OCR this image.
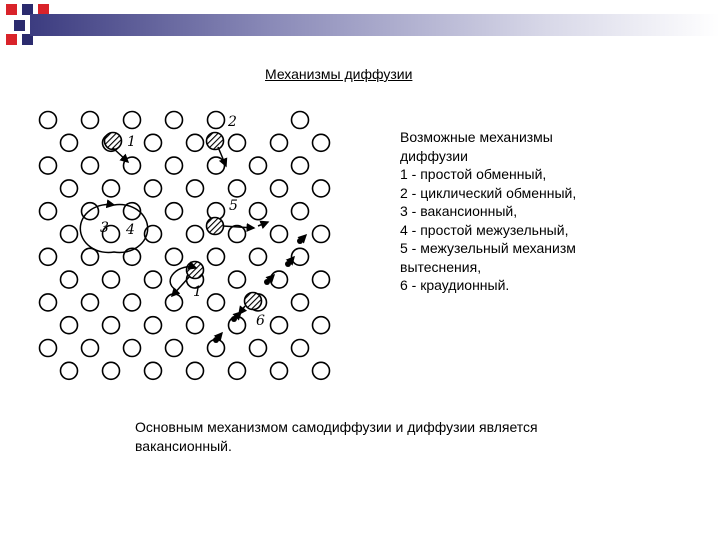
Механизмы диффузии
1
2
3 4
5
1
6
Возможные механизмы
диффузии
1 - простой обменный,
2 - циклический обменный,
3 - вакансионный,
4 - простой межузельный,
5 - межузельный механизм
вытеснения,
6 - краудионный.
Основным механизмом самодиффузии и диффузии является вакансионный.
